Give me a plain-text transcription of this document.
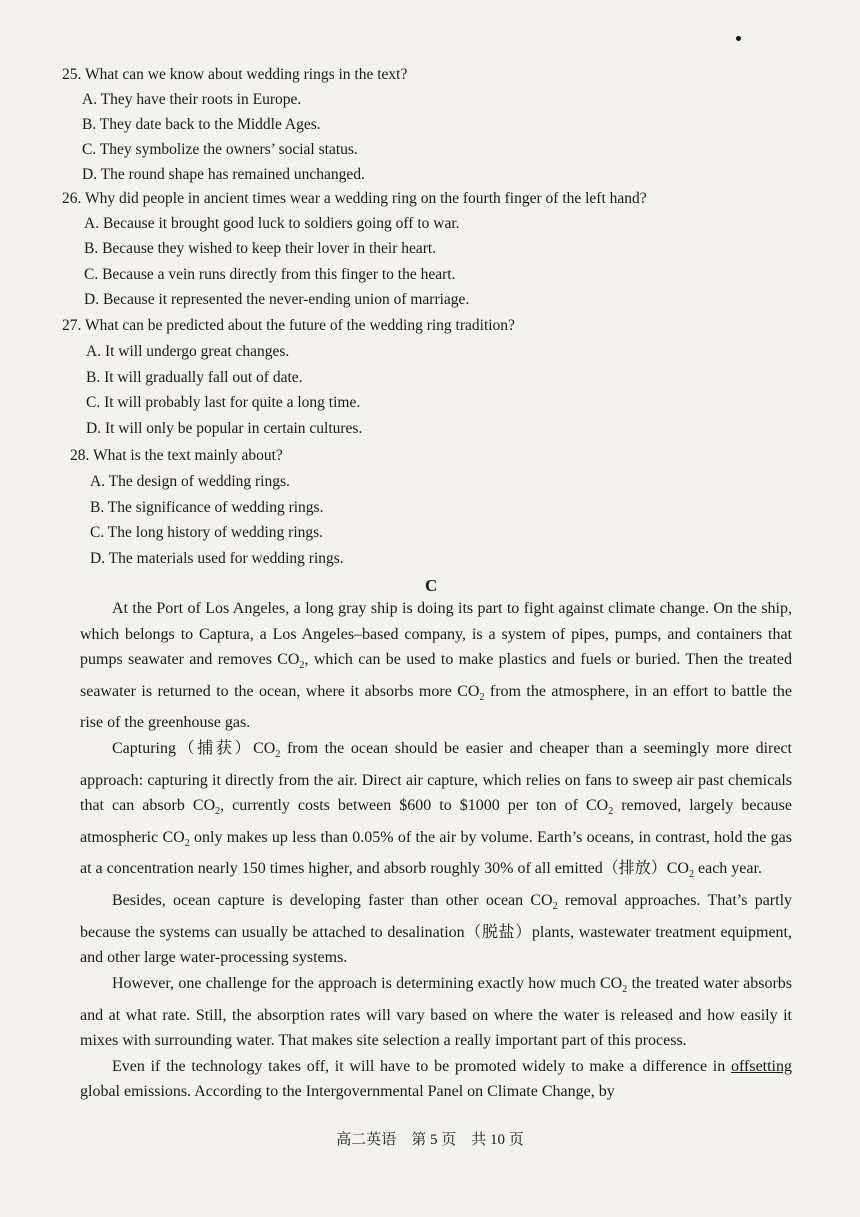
25. What can we know about wedding rings in the text?
A. They have their roots in Europe.
B. They date back to the Middle Ages.
C. They symbolize the owners’ social status.
D. The round shape has remained unchanged.
26. Why did people in ancient times wear a wedding ring on the fourth finger of the left hand?
A. Because it brought good luck to soldiers going off to war.
B. Because they wished to keep their lover in their heart.
C. Because a vein runs directly from this finger to the heart.
D. Because it represented the never-ending union of marriage.
27. What can be predicted about the future of the wedding ring tradition?
A. It will undergo great changes.
B. It will gradually fall out of date.
C. It will probably last for quite a long time.
D. It will only be popular in certain cultures.
28. What is the text mainly about?
A. The design of wedding rings.
B. The significance of wedding rings.
C. The long history of wedding rings.
D. The materials used for wedding rings.
C

At the Port of Los Angeles, a long gray ship is doing its part to fight against climate change. On the ship, which belongs to Captura, a Los Angeles–based company, is a system of pipes, pumps, and containers that pumps seawater and removes $CO_2$, which can be used to make plastics and fuels or buried. Then the treated seawater is returned to the ocean, where it absorbs more $CO_2$ from the atmosphere, in an effort to battle the rise of the greenhouse gas.

Capturing（捕获）$CO_2$ from the ocean should be easier and cheaper than a seemingly more direct approach: capturing it directly from the air. Direct air capture, which relies on fans to sweep air past chemicals that can absorb $CO_2$, currently costs between $600 to $1000 per ton of $CO_2$ removed, largely because atmospheric $CO_2$ only makes up less than 0.05% of the air by volume. Earth’s oceans, in contrast, hold the gas at a concentration nearly 150 times higher, and absorb roughly 30% of all emitted（排放）$CO_2$ each year.

Besides, ocean capture is developing faster than other ocean $CO_2$ removal approaches. That’s partly because the systems can usually be attached to desalination（脱盐）plants, wastewater treatment equipment, and other large water-processing systems.

However, one challenge for the approach is determining exactly how much $CO_2$ the treated water absorbs and at what rate. Still, the absorption rates will vary based on where the water is released and how easily it mixes with surrounding water. That makes site selection a really important part of this process.

Even if the technology takes off, it will have to be promoted widely to make a difference in offsetting global emissions. According to the Intergovernmental Panel on Climate Change, by

高二英语　第 5 页　共 10 页
